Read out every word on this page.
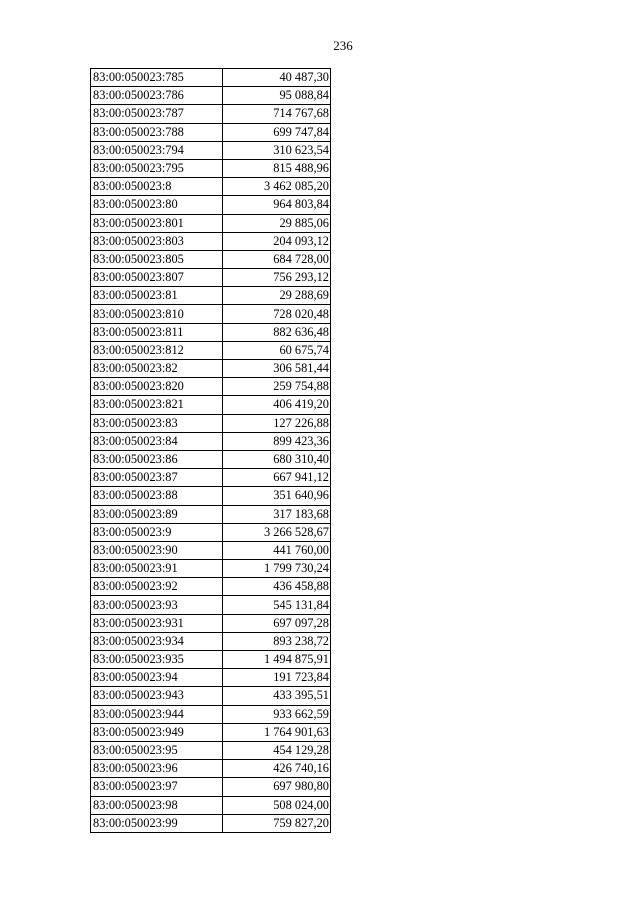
236
83:00:050023:785	40 487,30
83:00:050023:786	95 088,84
83:00:050023:787	714 767,68
83:00:050023:788	699 747,84
83:00:050023:794	310 623,54
83:00:050023:795	815 488,96
83:00:050023:8	3 462 085,20
83:00:050023:80	964 803,84
83:00:050023:801	29 885,06
83:00:050023:803	204 093,12
83:00:050023:805	684 728,00
83:00:050023:807	756 293,12
83:00:050023:81	29 288,69
83:00:050023:810	728 020,48
83:00:050023:811	882 636,48
83:00:050023:812	60 675,74
83:00:050023:82	306 581,44
83:00:050023:820	259 754,88
83:00:050023:821	406 419,20
83:00:050023:83	127 226,88
83:00:050023:84	899 423,36
83:00:050023:86	680 310,40
83:00:050023:87	667 941,12
83:00:050023:88	351 640,96
83:00:050023:89	317 183,68
83:00:050023:9	3 266 528,67
83:00:050023:90	441 760,00
83:00:050023:91	1 799 730,24
83:00:050023:92	436 458,88
83:00:050023:93	545 131,84
83:00:050023:931	697 097,28
83:00:050023:934	893 238,72
83:00:050023:935	1 494 875,91
83:00:050023:94	191 723,84
83:00:050023:943	433 395,51
83:00:050023:944	933 662,59
83:00:050023:949	1 764 901,63
83:00:050023:95	454 129,28
83:00:050023:96	426 740,16
83:00:050023:97	697 980,80
83:00:050023:98	508 024,00
83:00:050023:99	759 827,20
